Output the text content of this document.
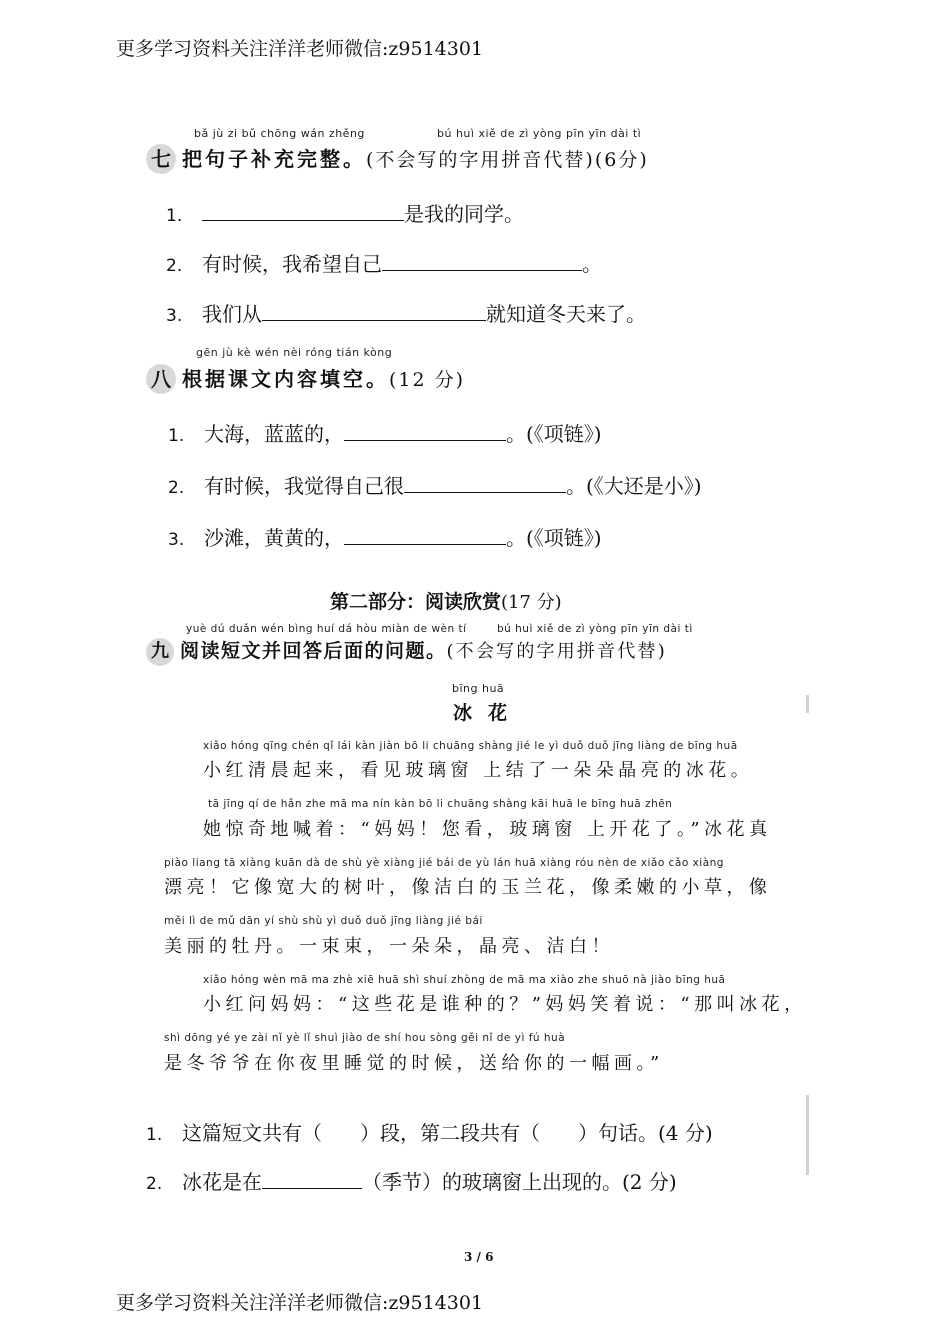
更多学习资料关注洋洋老师微信:z9514301
bǎ jù zi bǔ chōng wán zhěng	bú huì xiě de zì yòng pīn yīn dài tì
七 把句子补充完整。(不会写的字用拼音代替)(6分)
1.	是我的同学。
2. 有时候，我希望自己	。
3. 我们从	就知道冬天来了。
gēn jù kè wén nèi róng tián kòng
八 根据课文内容填空。(12 分)
1. 大海，蓝蓝的，	。(《项链》)
2. 有时候，我觉得自己很	。(《大还是小》)
3. 沙滩，黄黄的，	。(《项链》)
第二部分：阅读欣赏(17 分)
yuè dú duǎn wén bìng huí dá hòu miàn de wèn tí	bú huì xiě de zì yòng pīn yīn dài tì
九 阅读短文并回答后面的问题。(不会写的字用拼音代替)
bīng huā
冰花
xiǎo hóng qīng chén qǐ lái kàn jiàn bō li chuāng shàng jié le yì duǒ duǒ jīng liàng de bīng huā
小红清晨起来，看见玻璃窗 上结了一朵朵晶亮的冰花。
tā jīng qí de hǎn zhe mā ma nín kàn bō li chuāng shàng kāi huā le bīng huā zhēn
她惊奇地喊着：“妈妈！您看，玻璃窗 上开花了。”冰花真
piào liang tā xiàng kuān dà de shù yè xiàng jié bái de yù lán huā xiàng róu nèn de xiǎo cǎo xiàng
漂亮！它像宽大的树叶，像洁白的玉兰花，像柔嫩的小草，像
měi lì de mǔ dān yí shù shù yì duǒ duǒ jīng liàng jié bái
美丽的牡丹。一束束，一朵朵，晶亮、洁白！
xiǎo hóng wèn mā ma zhè xiē huā shì shuí zhòng de mā ma xiào zhe shuō nà jiào bīng huā
小红问妈妈：“这些花是谁种的？”妈妈笑着说：“那叫冰花，
shì dōng yé ye zài nǐ yè lǐ shuì jiào de shí hou sòng gěi nǐ de yì fú huà
是冬爷爷在你夜里睡觉的时候，送给你的一幅画。”
1. 这篇短文共有（ ）段，第二段共有（ ）句话。(4 分)
2. 冰花是在	（季节）的玻璃窗上出现的。(2 分)
3 / 6
更多学习资料关注洋洋老师微信:z9514301
